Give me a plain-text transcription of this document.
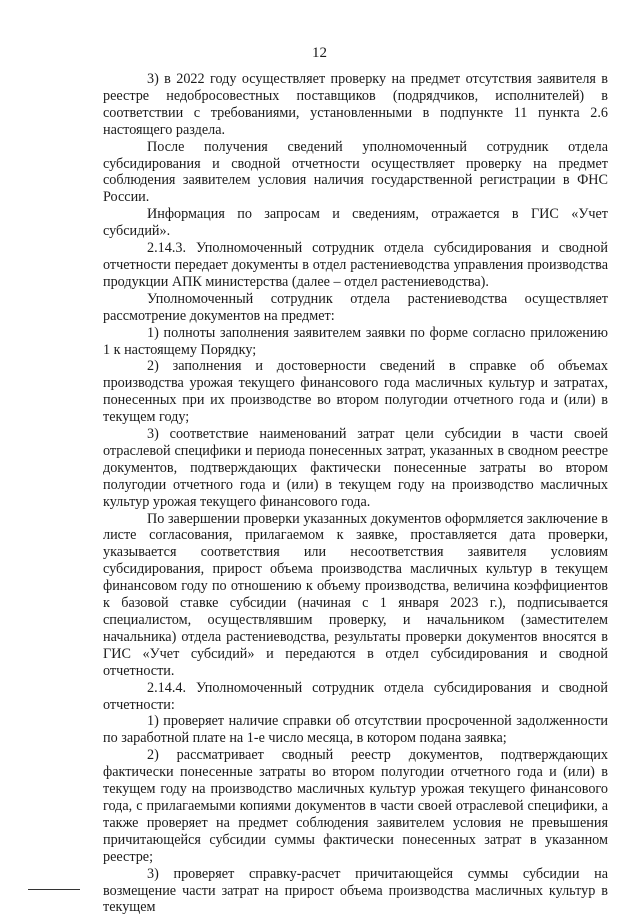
12

3) в 2022 году осуществляет проверку на предмет отсутствия заявителя в реестре недобросовестных поставщиков (подрядчиков, исполнителей) в соответствии с требованиями, установленными в подпункте 11 пункта 2.6 настоящего раздела.

После получения сведений уполномоченный сотрудник отдела субсидирования и сводной отчетности осуществляет проверку на предмет соблюдения заявителем условия наличия государственной регистрации в ФНС России.

Информация по запросам и сведениям, отражается в ГИС «Учет субсидий».

2.14.3. Уполномоченный сотрудник отдела субсидирования и сводной отчетности передает документы в отдел растениеводства управления производства продукции АПК министерства (далее – отдел растениеводства).

Уполномоченный сотрудник отдела растениеводства осуществляет рассмотрение документов на предмет:

1) полноты заполнения заявителем заявки по форме согласно приложению 1 к настоящему Порядку;

2) заполнения и достоверности сведений в справке об объемах производства урожая текущего финансового года масличных культур и затратах, понесенных при их производстве во втором полугодии отчетного года и (или) в текущем году;

3) соответствие наименований затрат цели субсидии в части своей отраслевой специфики и периода понесенных затрат, указанных в сводном реестре документов, подтверждающих фактически понесенные затраты во втором полугодии отчетного года и (или) в текущем году на производство масличных культур урожая текущего финансового года.

По завершении проверки указанных документов оформляется заключение в листе согласования, прилагаемом к заявке, проставляется дата проверки, указывается соответствия или несоответствия заявителя условиям субсидирования, прирост объема производства масличных культур в текущем финансовом году по отношению к объему производства, величина коэффициентов к базовой ставке субсидии (начиная с 1 января 2023 г.), подписывается специалистом, осуществлявшим проверку, и начальником (заместителем начальника) отдела растениеводства, результаты проверки документов вносятся в ГИС «Учет субсидий» и передаются в отдел субсидирования и сводной отчетности.

2.14.4. Уполномоченный сотрудник отдела субсидирования и сводной отчетности:

1) проверяет наличие справки об отсутствии просроченной задолженности по заработной плате на 1-е число месяца, в котором подана заявка;

2) рассматривает сводный реестр документов, подтверждающих фактически понесенные затраты во втором полугодии отчетного года и (или) в текущем году на производство масличных культур урожая текущего финансового года, с прилагаемыми копиями документов в части своей отраслевой специфики, а также проверяет на предмет соблюдения заявителем условия не превышения причитающейся субсидии суммы фактически понесенных затрат в указанном реестре;

3) проверяет справку-расчет причитающейся суммы субсидии на возмещение части затрат на прирост объема производства масличных культур в текущем
